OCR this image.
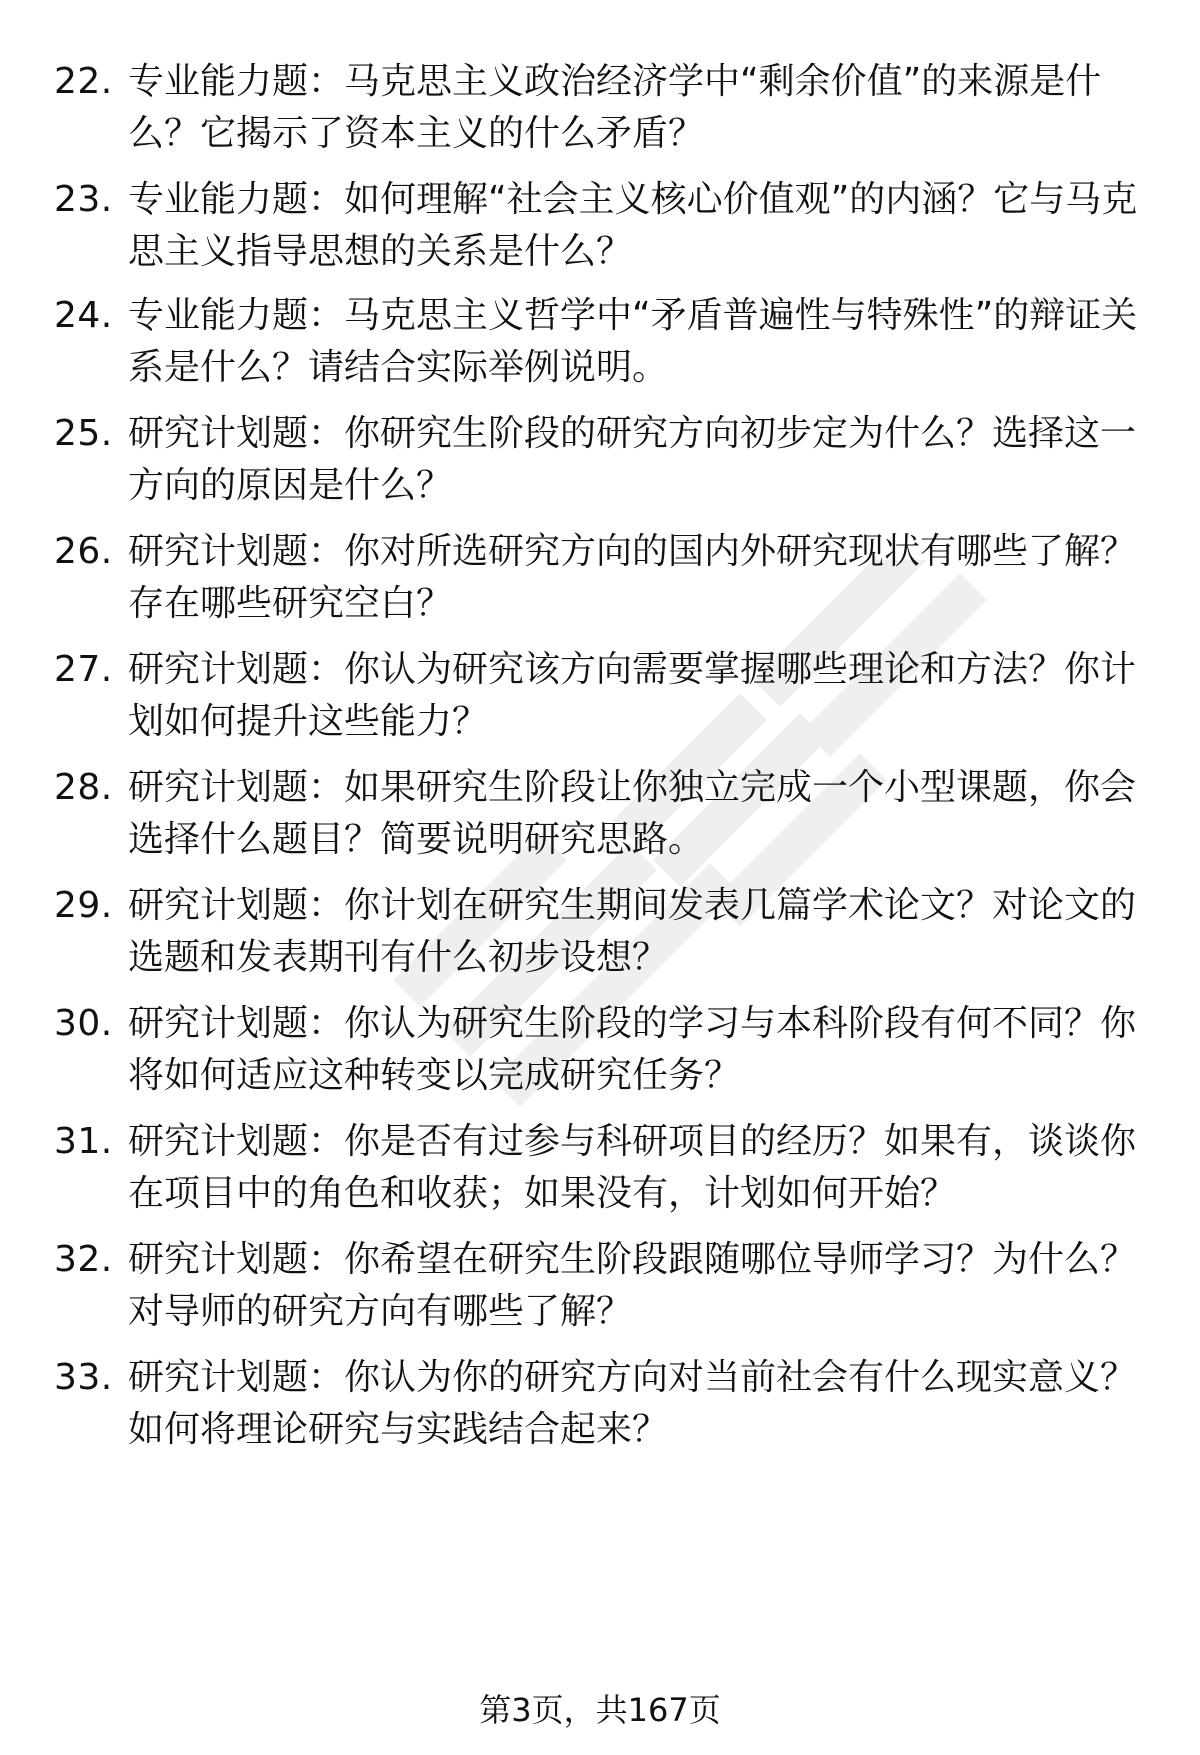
22. 专业能力题：马克思主义政治经济学中“剩余价值”的来源是什么？它揭示了资本主义的什么矛盾？
23. 专业能力题：如何理解“社会主义核心价值观”的内涵？它与马克思主义指导思想的关系是什么？
24. 专业能力题：马克思主义哲学中“矛盾普遍性与特殊性”的辩证关系是什么？请结合实际举例说明。
25. 研究计划题：你研究生阶段的研究方向初步定为什么？选择这一方向的原因是什么？
26. 研究计划题：你对所选研究方向的国内外研究现状有哪些了解？存在哪些研究空白？
27. 研究计划题：你认为研究该方向需要掌握哪些理论和方法？你计划如何提升这些能力？
28. 研究计划题：如果研究生阶段让你独立完成一个小型课题，你会选择什么题目？简要说明研究思路。
29. 研究计划题：你计划在研究生期间发表几篇学术论文？对论文的选题和发表期刊有什么初步设想？
30. 研究计划题：你认为研究生阶段的学习与本科阶段有何不同？你将如何适应这种转变以完成研究任务？
31. 研究计划题：你是否有过参与科研项目的经历？如果有，谈谈你在项目中的角色和收获；如果没有，计划如何开始？
32. 研究计划题：你希望在研究生阶段跟随哪位导师学习？为什么？对导师的研究方向有哪些了解？
33. 研究计划题：你认为你的研究方向对当前社会有什么现实意义？如何将理论研究与实践结合起来？
第3页，共167页
